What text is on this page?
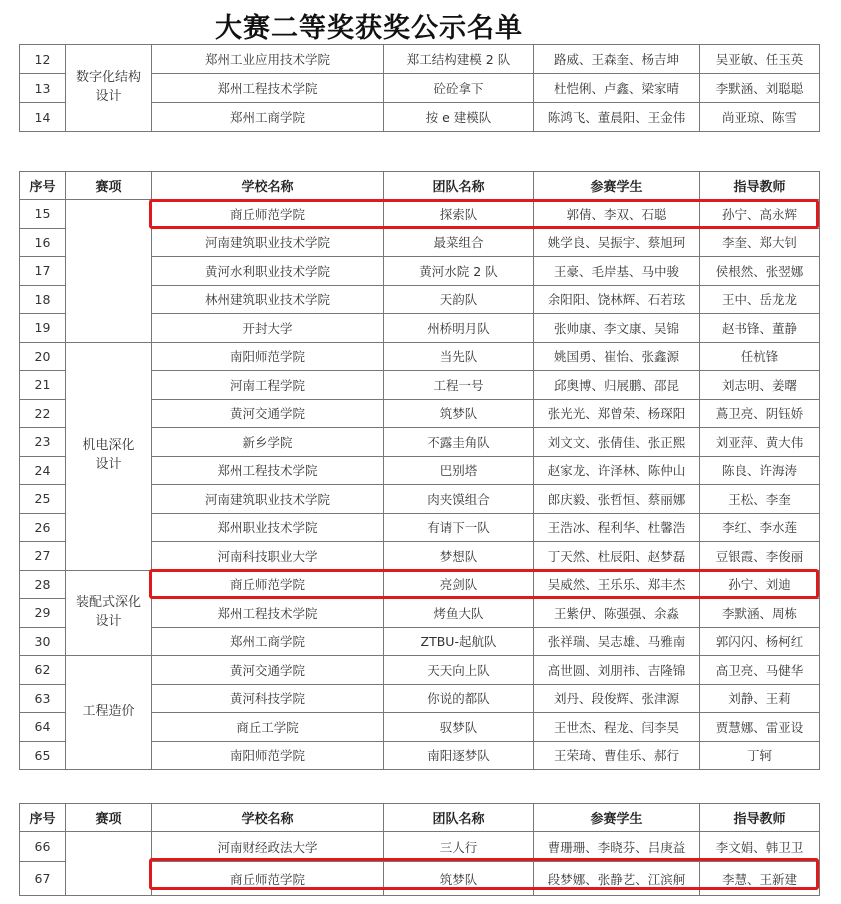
大赛二等奖获奖公示名单
12	数字化结构设计	郑州工业应用技术学院	郑工结构建模 2 队	路威、王森奎、杨吉坤	吴亚敏、任玉英
13		郑州工程技术学院	砼砼拿下	杜恺俐、卢鑫、梁家晴	李默涵、刘聪聪
14		郑州工商学院	按 e 建模队	陈鸿飞、董晨阳、王金伟	尚亚琼、陈雪
序号	赛项	学校名称	团队名称	参赛学生	指导教师
15		商丘师范学院	探索队	郭倩、李双、石聪	孙宁、高永辉
16		河南建筑职业技术学院	最菜组合	姚学良、吴振宇、蔡旭珂	李奎、郑大钊
17		黄河水利职业技术学院	黄河水院 2 队	王豪、毛岸基、马中骏	侯根然、张翌娜
18		林州建筑职业技术学院	天韵队	余阳阳、饶林辉、石若玹	王中、岳龙龙
19		开封大学	州桥明月队	张帅康、李文康、吴锦	赵书锋、董静
20	机电深化设计	南阳师范学院	当先队	姚国勇、崔怡、张鑫源	任杭锋
21		河南工程学院	工程一号	邱奥博、归展鹏、邵昆	刘志明、姜曙
22		黄河交通学院	筑梦队	张光光、郑曾荣、杨琛阳	蔦卫亮、阴钰娇
23		新乡学院	不露圭角队	刘文文、张倩佳、张正熙	刘亚萍、黄大伟
24		郑州工程技术学院	巴别塔	赵家龙、许泽林、陈仲山	陈良、许海涛
25		河南建筑职业技术学院	肉夹馍组合	郎庆毅、张哲恒、蔡丽娜	王松、李奎
26		郑州职业技术学院	有请下一队	王浩冰、程利华、杜馨浩	李红、李水莲
27		河南科技职业大学	梦想队	丁天然、杜辰阳、赵梦磊	豆银霞、李俊丽
28	装配式深化设计	商丘师范学院	亮剑队	吴威然、王乐乐、郑丰杰	孙宁、刘迪
29		郑州工程技术学院	烤鱼大队	王紫伊、陈强强、余淼	李默涵、周栋
30		郑州工商学院	ZTBU-起航队	张祥瑞、吴志雄、马雅南	郭闪闪、杨柯红
62	工程造价	黄河交通学院	天天向上队	高世圆、刘朋祎、吉隆锦	高卫亮、马健华
63		黄河科技学院	你说的都队	刘丹、段俊辉、张津源	刘静、王莉
64		商丘工学院	驭梦队	王世杰、程龙、闫李昊	贾慧娜、雷亚设
65		南阳师范学院	南阳逐梦队	王荣琦、曹佳乐、郝行	丁轲
序号	赛项	学校名称	团队名称	参赛学生	指导教师
66		河南财经政法大学	三人行	曹珊珊、李晓芬、吕庚益	李文娟、韩卫卫
67		商丘师范学院	筑梦队	段梦娜、张静艺、江滨舸	李慧、王新建
